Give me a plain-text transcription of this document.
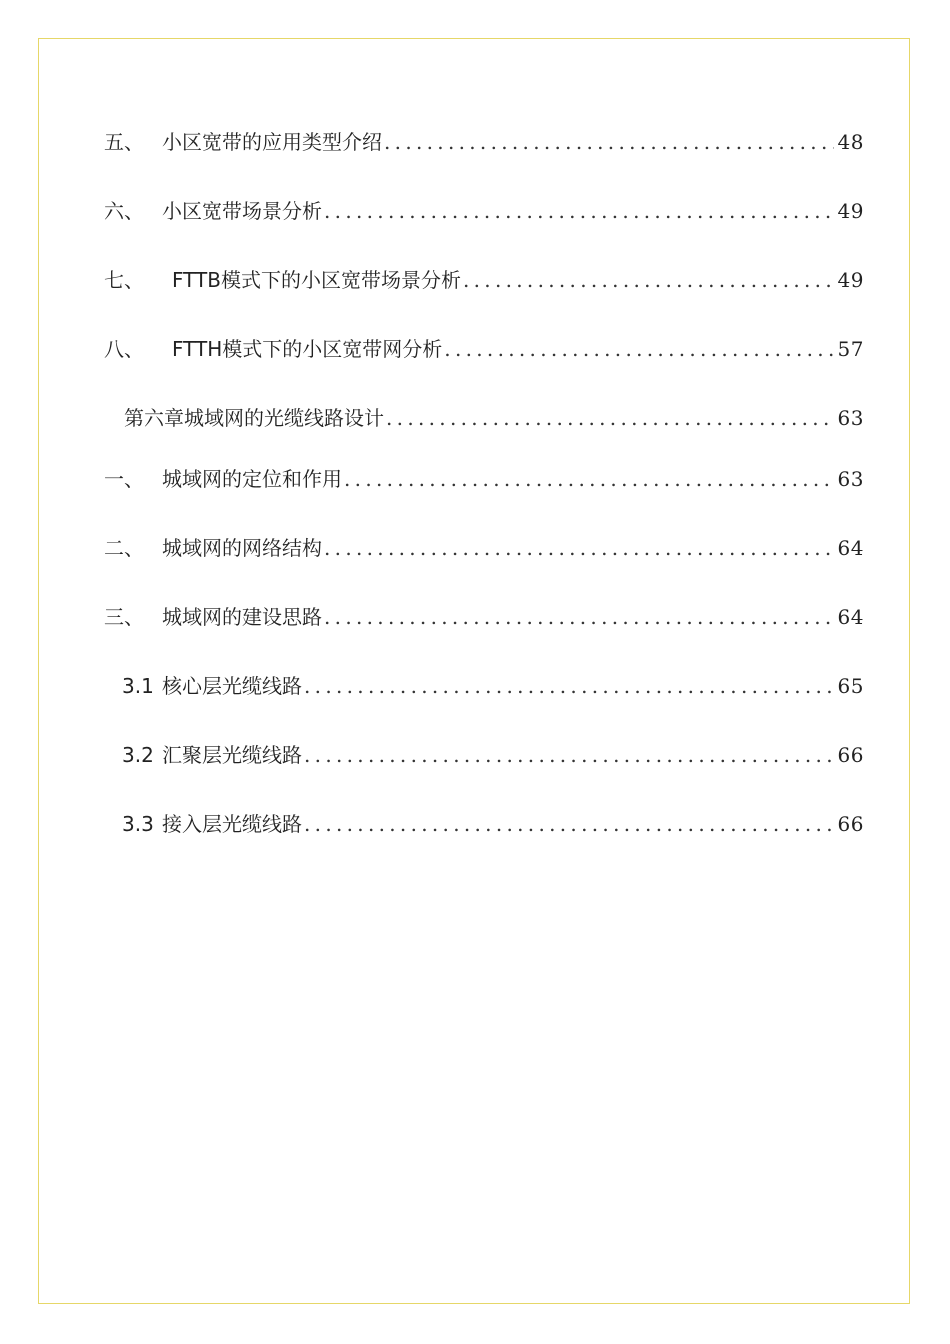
五、 小区宽带的应用类型介绍 .....	48
六、 小区宽带场景分析 .....	49
七、	FTTB模式下的小区宽带场景分析 .....	49
八、	FTTH模式下的小区宽带网分析 .....	57
第六章城域网的光缆线路设计 .....	63
一、 城域网的定位和作用 .....	63
二、 城域网的网络结构 .....	64
三、 城域网的建设思路 .....	64
3.1 核心层光缆线路 .....	65
3.2 汇聚层光缆线路 .....	66
3.3 接入层光缆线路 .....	66
